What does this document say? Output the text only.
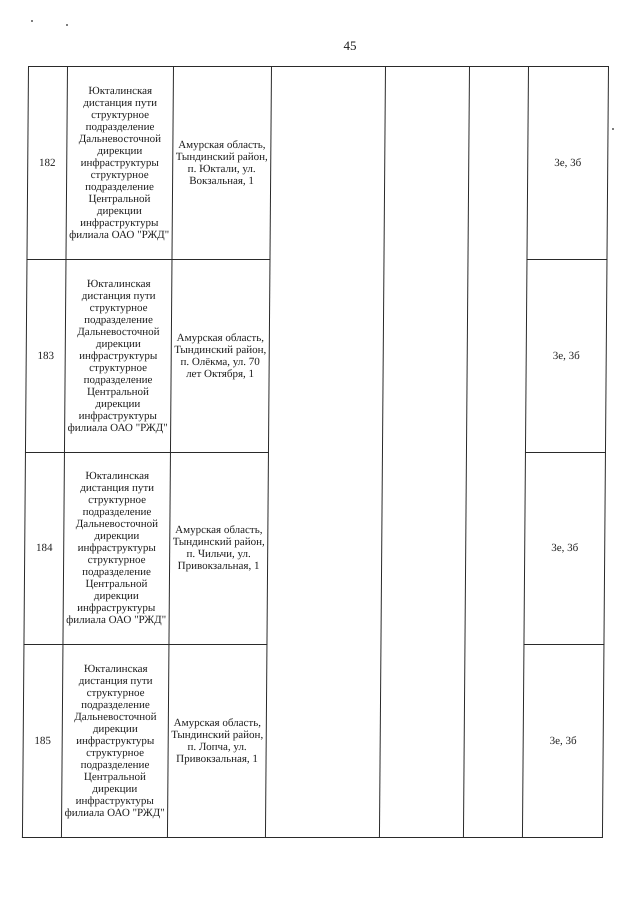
45
182	Юкталинская дистанция пути структурное подразделение Дальневосточной дирекции инфраструктуры структурное подразделение Центральной дирекции инфраструктуры филиала ОАО "РЖД"	Амурская область, Тындинский район, п. Юктали, ул. Вокзальная, 1				3е, 3б
183	Юкталинская дистанция пути структурное подразделение Дальневосточной дирекции инфраструктуры структурное подразделение Центральной дирекции инфраструктуры филиала ОАО "РЖД"	Амурская область, Тындинский район, п. Олёкма, ул. 70 лет Октября, 1				3е, 3б
184	Юкталинская дистанция пути структурное подразделение Дальневосточной дирекции инфраструктуры структурное подразделение Центральной дирекции инфраструктуры филиала ОАО "РЖД"	Амурская область, Тындинский район, п. Чильчи, ул. Привокзальная, 1				3е, 3б
185	Юкталинская дистанция пути структурное подразделение Дальневосточной дирекции инфраструктуры структурное подразделение Центральной дирекции инфраструктуры филиала ОАО "РЖД"	Амурская область, Тындинский район, п. Лопча, ул. Привокзальная, 1				3е, 3б
